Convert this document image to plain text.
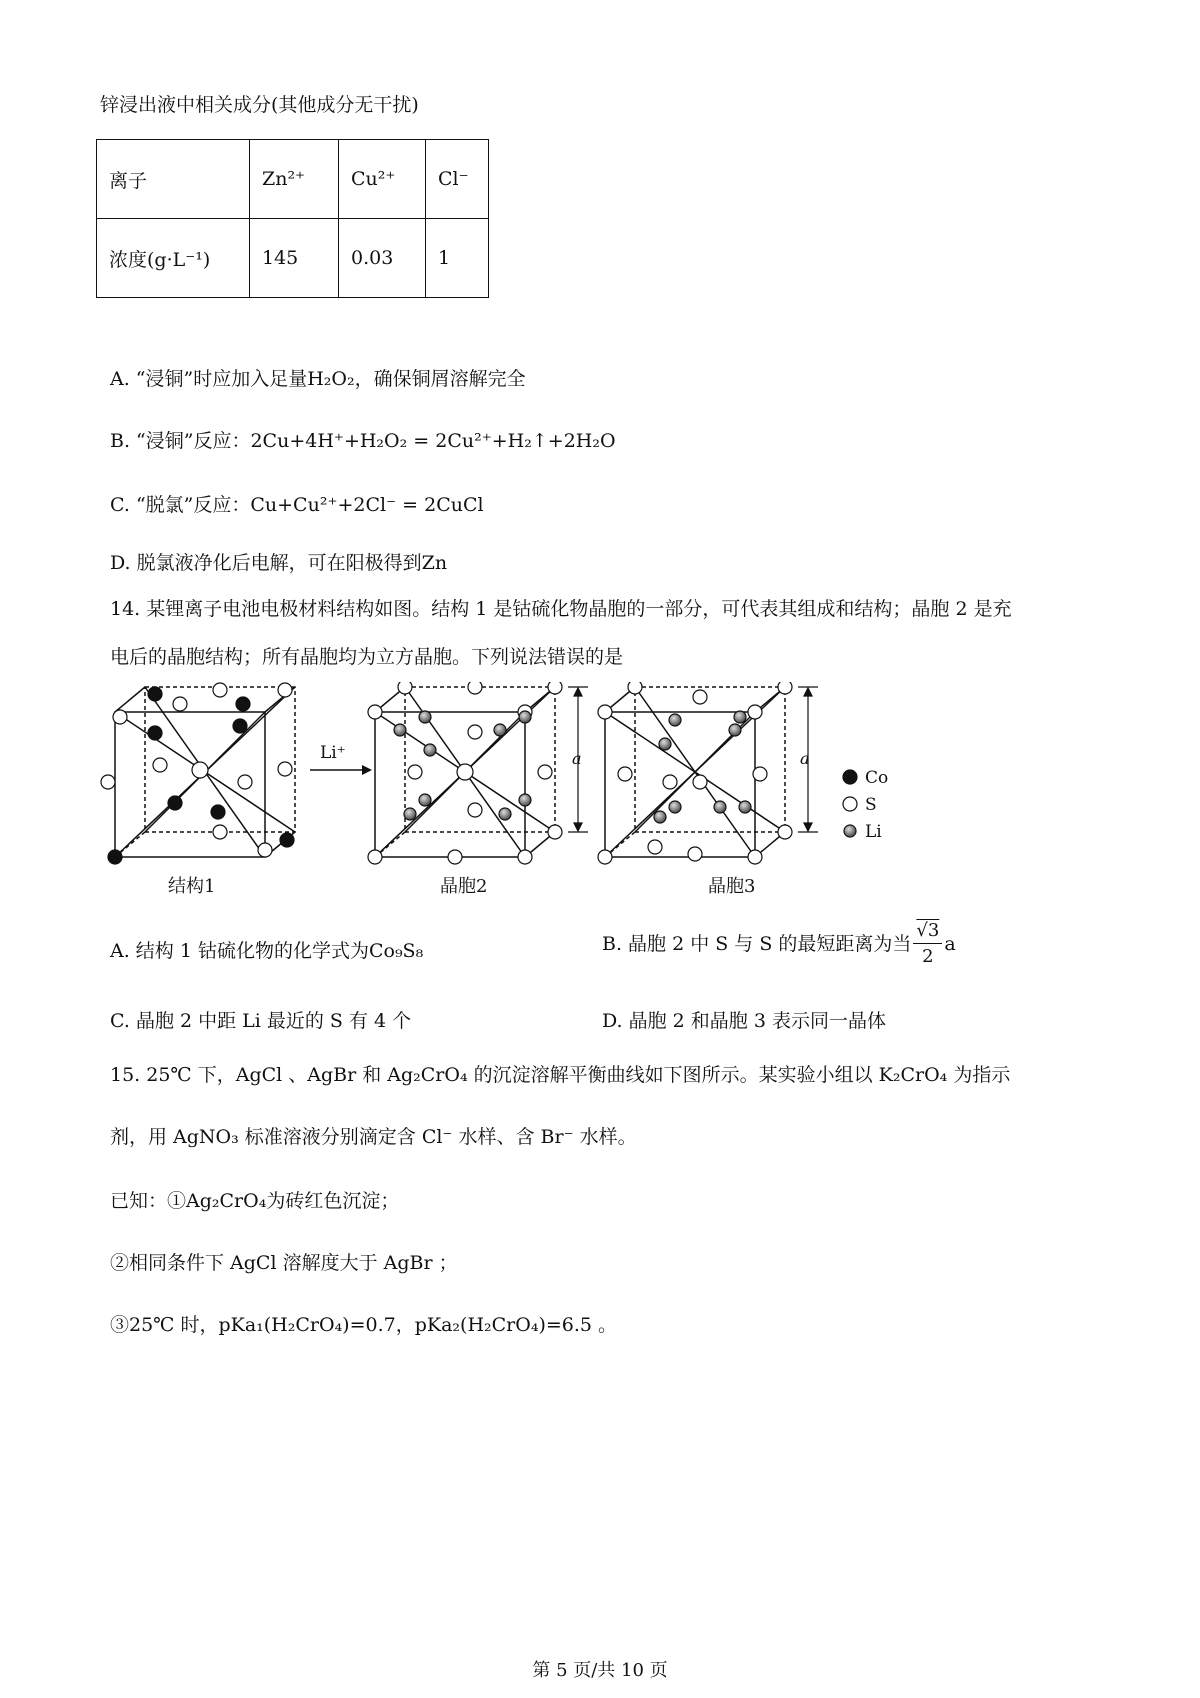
锌浸出液中相关成分(其他成分无干扰)
离子	Zn²⁺	Cu²⁺	Cl⁻
浓度(g·L⁻¹)	145	0.03	1
A. “浸铜”时应加入足量H₂O₂，确保铜屑溶解完全
B. “浸铜”反应：2Cu+4H⁺+H₂O₂ = 2Cu²⁺+H₂↑+2H₂O
C. “脱氯”反应：Cu+Cu²⁺+2Cl⁻ = 2CuCl
D. 脱氯液净化后电解，可在阳极得到Zn
14. 某锂离子电池电极材料结构如图。结构 1 是钴硫化物晶胞的一部分，可代表其组成和结构；晶胞 2 是充
电后的晶胞结构；所有晶胞均为立方晶胞。下列说法错误的是
Li⁺	a	a
Co
S
Li
结构1	晶胞2	晶胞3
A. 结构 1 钴硫化物的化学式为Co₉S₈	B. 晶胞 2 中 S 与 S 的最短距离为当 $\frac{√3}{2}$ a
C. 晶胞 2 中距 Li 最近的 S 有 4 个	D. 晶胞 2 和晶胞 3 表示同一晶体
15. 25℃ 下，AgCl 、AgBr 和 Ag₂CrO₄ 的沉淀溶解平衡曲线如下图所示。某实验小组以 K₂CrO₄ 为指示
剂，用 AgNO₃ 标准溶液分别滴定含 Cl⁻ 水样、含 Br⁻ 水样。
已知：①Ag₂CrO₄为砖红色沉淀；
②相同条件下 AgCl 溶解度大于 AgBr ；
③25℃ 时，pKa₁(H₂CrO₄)=0.7，pKa₂(H₂CrO₄)=6.5 。
第 5 页/共 10 页
